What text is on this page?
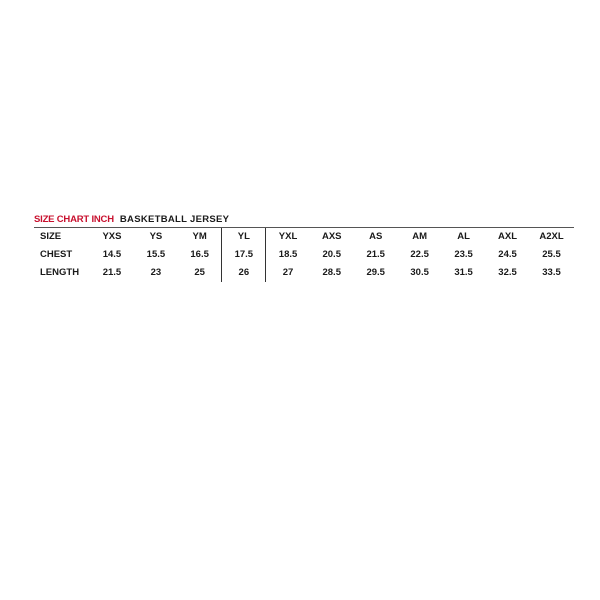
SIZE CHART INCH BASKETBALL JERSEY
SIZE	YXS	YS	YM	YL	YXL	AXS	AS	AM	AL	AXL	A2XL
CHEST	14.5	15.5	16.5	17.5	18.5	20.5	21.5	22.5	23.5	24.5	25.5
LENGTH	21.5	23	25	26	27	28.5	29.5	30.5	31.5	32.5	33.5
